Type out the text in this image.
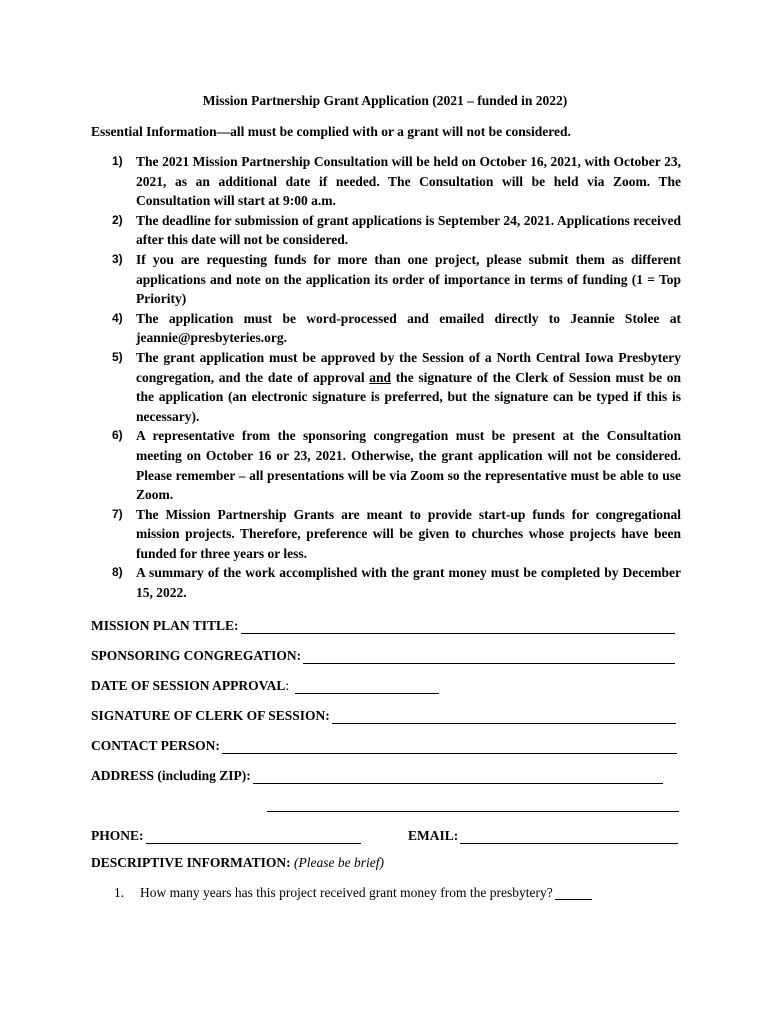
Mission Partnership Grant Application (2021 – funded in 2022)
Essential Information—all must be complied with or a grant will not be considered.
1) The 2021 Mission Partnership Consultation will be held on October 16, 2021, with October 23, 2021, as an additional date if needed. The Consultation will be held via Zoom. The Consultation will start at 9:00 a.m.
2) The deadline for submission of grant applications is September 24, 2021. Applications received after this date will not be considered.
3) If you are requesting funds for more than one project, please submit them as different applications and note on the application its order of importance in terms of funding (1 = Top Priority)
4) The application must be word-processed and emailed directly to Jeannie Stolee at jeannie@presbyteries.org.
5) The grant application must be approved by the Session of a North Central Iowa Presbytery congregation, and the date of approval and the signature of the Clerk of Session must be on the application (an electronic signature is preferred, but the signature can be typed if this is necessary).
6) A representative from the sponsoring congregation must be present at the Consultation meeting on October 16 or 23, 2021. Otherwise, the grant application will not be considered. Please remember – all presentations will be via Zoom so the representative must be able to use Zoom.
7) The Mission Partnership Grants are meant to provide start-up funds for congregational mission projects. Therefore, preference will be given to churches whose projects have been funded for three years or less.
8) A summary of the work accomplished with the grant money must be completed by December 15, 2022.
MISSION PLAN TITLE:
SPONSORING CONGREGATION:
DATE OF SESSION APPROVAL :
SIGNATURE OF CLERK OF SESSION:
CONTACT PERSON:
ADDRESS (including ZIP):
PHONE:	EMAIL:
DESCRIPTIVE INFORMATION: (Please be brief)
1.	How many years has this project received grant money from the presbytery?
